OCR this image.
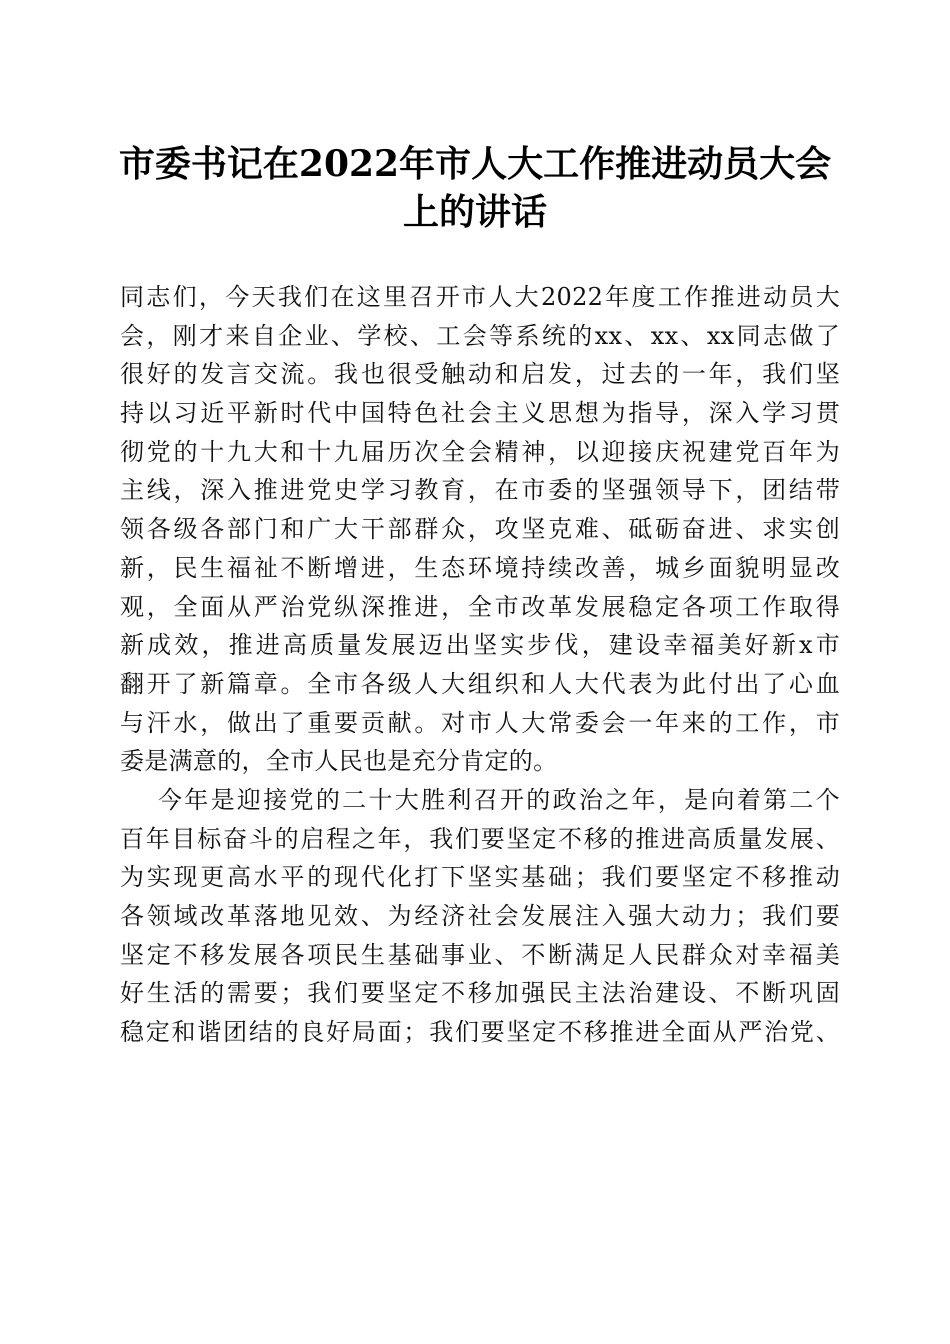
市委书记在2022年市人大工作推进动员大会
上的讲话
同志们，今天我们在这里召开市人大2022年度工作推进动员大
会，刚才来自企业、学校、工会等系统的xx、xx、xx同志做了
很好的发言交流。我也很受触动和启发，过去的一年，我们坚
持以习近平新时代中国特色社会主义思想为指导，深入学习贯
彻党的十九大和十九届历次全会精神，以迎接庆祝建党百年为
主线，深入推进党史学习教育，在市委的坚强领导下，团结带
领各级各部门和广大干部群众，攻坚克难、砥砺奋进、求实创
新，民生福祉不断增进，生态环境持续改善，城乡面貌明显改
观，全面从严治党纵深推进，全市改革发展稳定各项工作取得
新成效，推进高质量发展迈出坚实步伐，建设幸福美好新x市
翻开了新篇章。全市各级人大组织和人大代表为此付出了心血
与汗水，做出了重要贡献。对市人大常委会一年来的工作，市
委是满意的，全市人民也是充分肯定的。
今年是迎接党的二十大胜利召开的政治之年，是向着第二个
百年目标奋斗的启程之年，我们要坚定不移的推进高质量发展、
为实现更高水平的现代化打下坚实基础；我们要坚定不移推动
各领域改革落地见效、为经济社会发展注入强大动力；我们要
坚定不移发展各项民生基础事业、不断满足人民群众对幸福美
好生活的需要；我们要坚定不移加强民主法治建设、不断巩固
稳定和谐团结的良好局面；我们要坚定不移推进全面从严治党、
